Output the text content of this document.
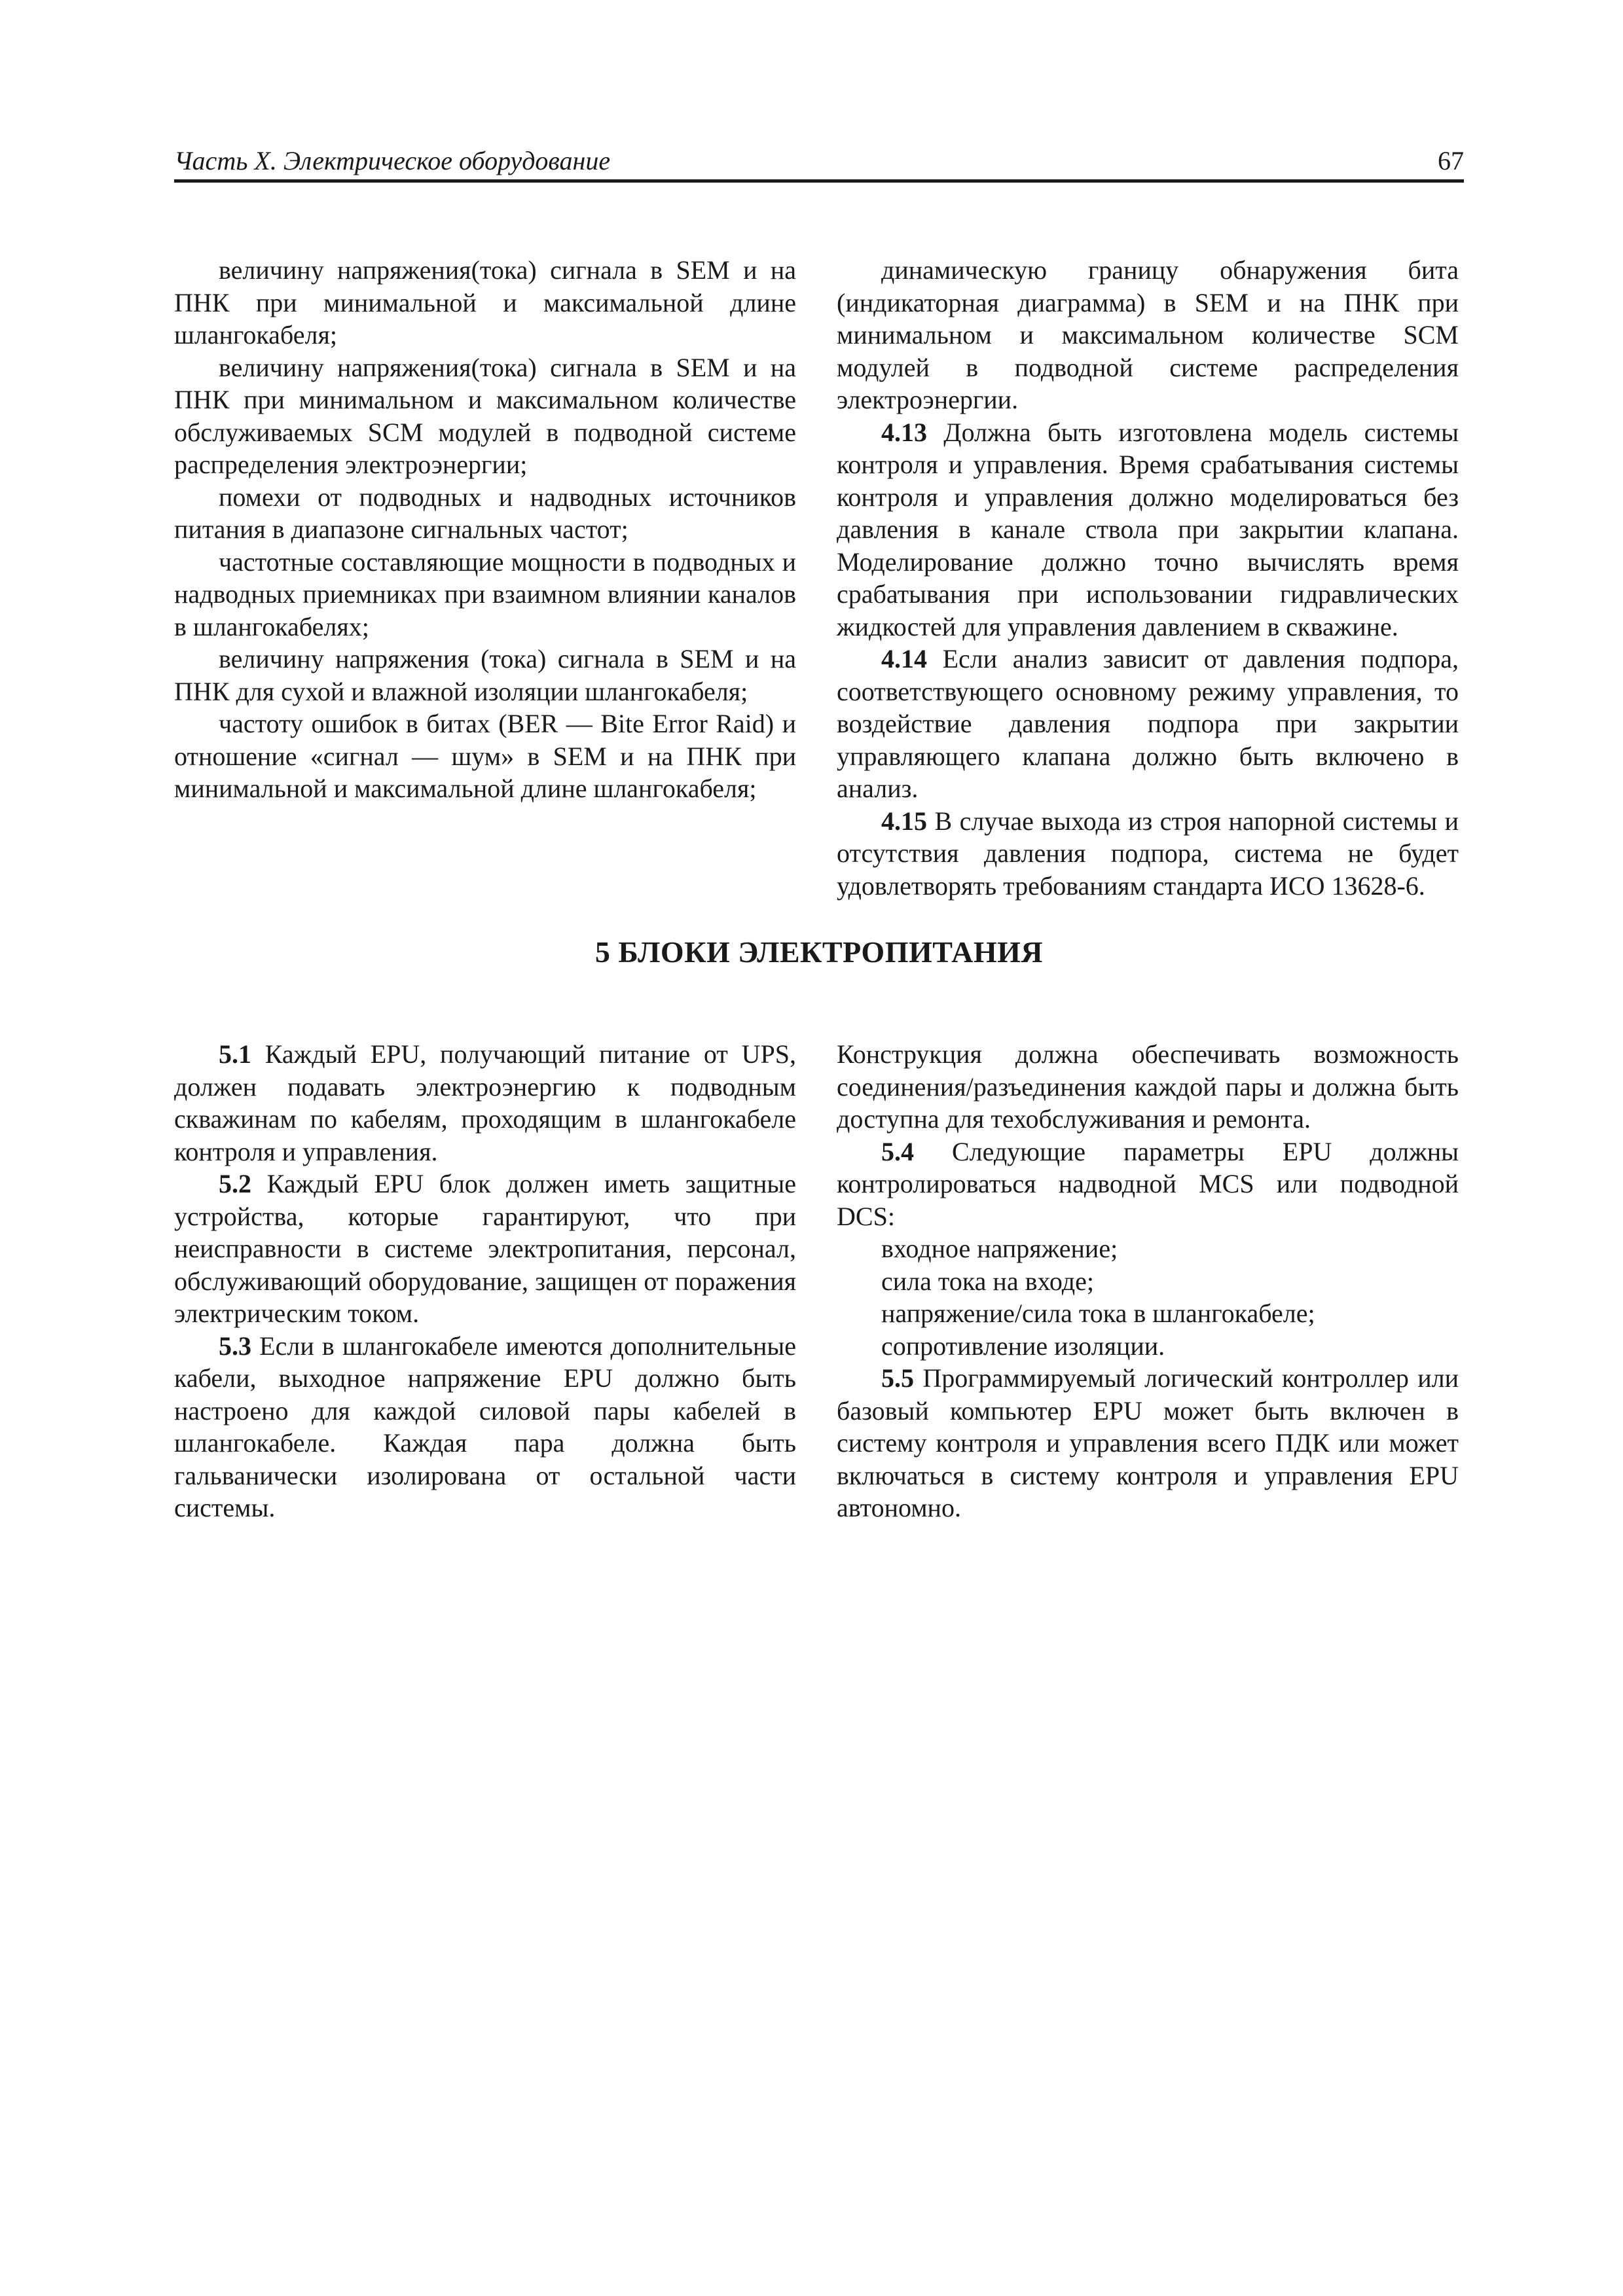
Часть X. Электрическое оборудование	67

величину напряжения(тока) сигнала в SEM и на ПНК при минимальной и максимальной длине шлангокабеля;

величину напряжения(тока) сигнала в SEM и на ПНК при минимальном и максимальном количестве обслуживаемых SCM модулей в подводной системе распределения электроэнергии;

помехи от подводных и надводных источников питания в диапазоне сигнальных частот;

частотные составляющие мощности в подводных и надводных приемниках при взаимном влиянии каналов в шлангокабелях;

величину напряжения (тока) сигнала в SEM и на ПНК для сухой и влажной изоляции шлангокабеля;

частоту ошибок в битах (BER — Bite Error Raid) и отношение «сигнал — шум» в SEM и на ПНК при минимальной и максимальной длине шлангокабеля;

динамическую границу обнаружения бита (индикаторная диаграмма) в SEM и на ПНК при минимальном и максимальном количестве SCM модулей в подводной системе распределения электроэнергии.

4.13 Должна быть изготовлена модель системы контроля и управления. Время срабатывания системы контроля и управления должно моделироваться без давления в канале ствола при закрытии клапана. Моделирование должно точно вычислять время срабатывания при использовании гидравлических жидкостей для управления давлением в скважине.

4.14 Если анализ зависит от давления подпора, соответствующего основному режиму управления, то воздействие давления подпора при закрытии управляющего клапана должно быть включено в анализ.

4.15 В случае выхода из строя напорной системы и отсутствия давления подпора, система не будет удовлетворять требованиям стандарта ИСО 13628-6.

5 БЛОКИ ЭЛЕКТРОПИТАНИЯ

5.1 Каждый EPU, получающий питание от UPS, должен подавать электроэнергию к подводным скважинам по кабелям, проходящим в шлангокабеле контроля и управления.

5.2 Каждый EPU блок должен иметь защитные устройства, которые гарантируют, что при неисправности в системе электропитания, персонал, обслуживающий оборудование, защищен от поражения электрическим током.

5.3 Если в шлангокабеле имеются дополнительные кабели, выходное напряжение EPU должно быть настроено для каждой силовой пары кабелей в шлангокабеле. Каждая пара должна быть гальванически изолирована от остальной части системы.

Конструкция должна обеспечивать возможность соединения/разъединения каждой пары и должна быть доступна для техобслуживания и ремонта.

5.4 Следующие параметры EPU должны контролироваться надводной MCS или подводной DCS:

входное напряжение;

сила тока на входе;

напряжение/сила тока в шлангокабеле;

сопротивление изоляции.

5.5 Программируемый логический контроллер или базовый компьютер EPU может быть включен в систему контроля и управления всего ПДК или может включаться в систему контроля и управления EPU автономно.
